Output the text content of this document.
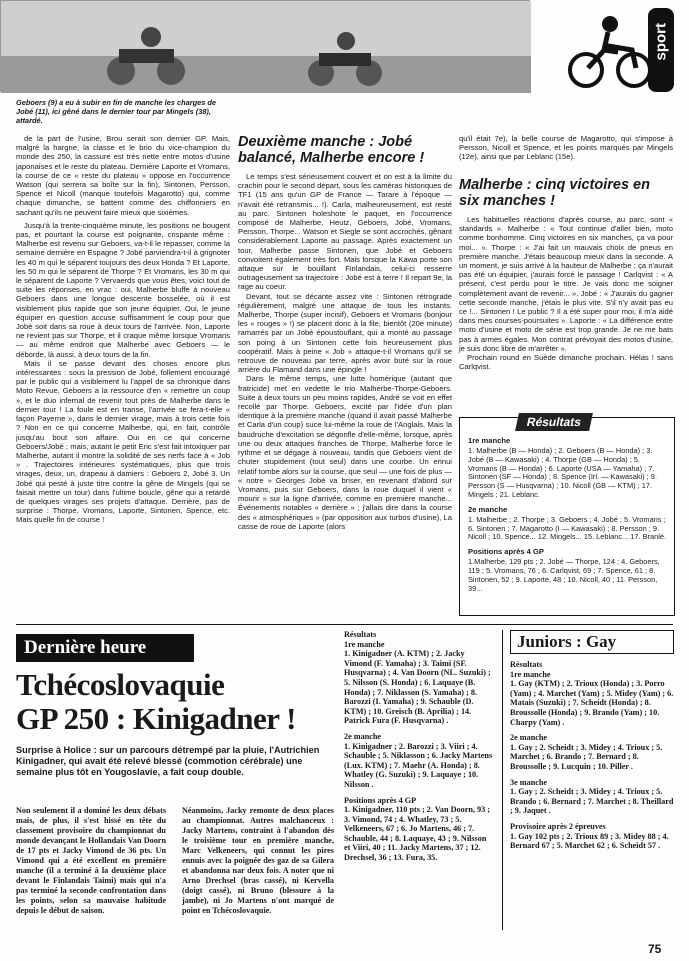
sport
Geboers (9) a eu à subir en fin de manche les charges de Jobé (11), ici gêné dans le dernier tour par Mingels (38), attardé.

de la part de l'usine, Brou serait son dernier GP. Mais, malgré la hargne, la classe et le brio du vice-champion du monde des 250, la cassure est très nette entre motos d'usine japonaises et le reste du plateau. Dernière Laporte et Vromans, la course de ce « reste du plateau » oppose en l'occurrence Watson (qui serrera sa boîte sur la fin), Sintonen, Persson, Spence et Nicoll (manque toutefois Magarotto) qui, comme chaque dimanche, se battent comme des chiffonniers en sachant qu'ils ne peuvent faire mieux que sixièmes.

Jusqu'à la trente-cinquième minute, les positions ne bougent pas, et pourtant la course est poignante, crispante même : Malherbe est revenu sur Geboers, va-t-il le repasser, comme la semaine dernière en Espagne ? Jobé parviendra-t-il à grignoter les 40 m qui le séparent toujours des deux Honda ? Et Laporte, les 50 m qui le séparent de Thorpe ? Et Vromans, les 30 m qui le séparent de Laporte ? Vervaerds que vous êtes, voici tout de suite les réponses, en vrac : oui, Malherbe bluffe à nouveau Geboers dans une longue descente bosselée, où il est visiblement plus rapide que son jeune équipier. Oui, le jeune équipier en question accuse suffisamment le coup pour que Jobé soit dans sa roue à deux tours de l'arrivée. Non, Laporte ne revient pas sur Thorpe, et il craque même lorsque Vromans — au même endroit que Malherbe avec Geboers — le déborde, là aussi, à deux tours de la fin.

Mais il se passe devant des choses encore plus intéressantes : sous la pression de Jobé, follement encouragé par le public qui a visiblement lu l'appel de sa chronique dans Moto Revue, Geboers a la ressource d'en « remettre un coup », et le duo infernal de revenir tout près de Malherbe dans le dernier tour ! La foule est en transe, l'arrivée se fera-t-elle « façon Payerne », dans le dernier virage, mais à trois cette fois ? Non en ce qui concerne Malherbe, qui, en fait, contrôle jusqu'au bout son affaire. Oui en ce qui concerne Geboers/Jobé ; mais, autant le petit Eric s'est fait intoxiquer par Malherbe, autant il montre la solidité de ses nerfs face à « Job » . Trajectoires intérieures systématiques, plus que trois virages, deux, un, drapeau à damiers : Geboers 2, Jobé 3. Un Jobé qui pesté à juste titre contre la gêne de Mingels (qui se faisait mettre un tour) dans l'ultime boucle, gêne qui a retardé de quelques virages ses projets d'attaque. Derrière, pas de surprise : Thorpe, Vromans, Laporte, Sintonen, Spence, etc. Mais quelle fin de course !

Deuxième manche : Jobé balancé, Malherbe encore !

Le temps s'est sérieusement couvert et on est à la limite du crachin pour le second départ, sous les caméras historiques de TF1 (15 ans qu'un GP de France — Tarare à l'époque — n'avait été retransmis... !). Carla, malheureusement, est resté au parc. Sintonen holeshote le paquet, en l'occurrence composé de Malherbe, Heutz, Geboers, Jobé, Vromans, Persson, Thorpe... Watson et Siegle se sont accrochés, gênant considérablement Laporte au passage. Après exactement un tour, Malherbe passe Sintonen, que Jobé et Geboers convoitent également très fort. Mais lorsque la Kawa porte son attaque sur le bouillant Finlandais, celui-ci resserre outrageusement sa trajectoire : Jobé est à terre ! Il repart 9e, la rage au coeur.

Devant, tout se décante assez vite : Sintonen rétrograde régulièrement, malgré une attaque de tous les instants. Malherbe, Thorpe (super incisif), Geboers et Vromans (bonjour les « rouges » !) se placent donc à la file, bientôt (20e minute) ramarrés par un Jobé époustouflant, qui a monté au passage son poing à un Sintonen cette fois heureusement plus coopératif. Mais à peine « Job » attaque-t-il Vromans qu'il se retrouve de nouveau par terre, après avoir buté sur la roue arrière du Flamand dans une épingle !

Dans le même temps, une lutte homérique (autant que fratricide) met en vedette le trio Malherbe-Thorpe-Geboers. Suite à deux tours un peu moins rapides, André se voit en effet recollé par Thorpe. Geboers, excité par l'idée d'un plan identique à la première manche (quand il avait passé Malherbe et Carla d'un coup) suce lui-même la roue de l'Anglais. Mais la baudruche d'excitation se dégonfle d'elle-même, lorsque, après une ou deux attaques franches de Thorpe, Malherbe force le rythme et se dégage à nouveau, tandis que Geboers vient de chuter stupidement (tout seul) dans une courbe. Un ennui relatif tombe alors sur la course, que seul — une fois de plus — « notre » Georges Jobé va briser, en revenant d'abord sur Vromans, puis sur Geboers, dans la roue duquel il vient « mourir » sur la ligne d'arrivée, comme en première manche... Événements notables « derrière » ; j'allais dire dans la course des « atmosphériques » (par opposition aux turbos d'usine), La casse de roue de Laporte (alors

qu'il était 7e), la belle course de Magarotto, qui s'impose à Persson, Nicoll et Spence, et les points marqués par Mingels (12e), ainsi que par Leblanc (15e).

Malherbe : cinq victoires en six manches !

Les habituelles réactions d'après course, au parc, sont « standards ». Malherbe : « Tout continue d'aller bien, moto comme bonhomme. Cinq victoires en six manches, ça va pour moi... ». Thorpe : « J'ai fait un mauvais choix de pneus en première manche. J'étais beaucoup mieux dans la seconde. A un moment, je suis arrivé à la hauteur de Malherbe ; ça n'aurait pas été un équipier, j'aurais forcé le passage ! Carlqvist : « A présent, c'est perdu pour le titre. Je vais donc me soigner complètement avant de revenir... ». Jobé : « J'aurais du gagner cette seconde manche, j'étais le plus vite. S'il n'y avait pas eu ce !... Sintonen ! Le public ? Il a été super pour moi, il m'a aidé dans mes courses-poursuites ». Laporte : « La différence entre moto d'usine et moto de série est trop grande. Je ne me bats pas à armes égales. Mon contrat prévoyait des motos d'usine, je suis donc libre de m'arrêter ».

Prochain round en Suède dimanche prochain. Hélas ! sans Carlqvist.

Résultats
1re manche

1. Malherbe (B — Honda) ; 2. Geboers (B — Honda) ; 3. Jobé (B — Kawasaki) ; 4. Thorpe (GB — Honda) ; 5. Vromans (B — Honda) ; 6. Laporte (USA — Yamaha) ; 7. Sintonen (SF — Honda) ; 8. Spence (Irl. — Kawasaki) ; 9. Persson (S — Husqvarna) ; 10. Nicoll (GB — KTM) ; 17. Mingels ; 21. Leblanc.

2e manche

1. Malherbe ; 2. Thorpe ; 3. Geboers ; 4. Jobé ; 5. Vromans ; 6. Sintonen ; 7. Magarotto (I — Kawasaki) ; 8. Persson ; 9. Nicoll ; 10. Spence... 12. Mingels... 15. Leblanc... 17. Branlé.

Positions après 4 GP

1.Malherbe, 129 pts ; 2. Jobé — Thorpe, 124 ; 4. Geboers, 119 ; 5. Vromans, 76 ; 6. Carlqvist, 69 ; 7. Spence, 61 ; 8. Sintonen, 52 ; 9. Laporte, 48 ; 10. Nicoll, 40 ; 11. Persson, 39...

Dernière heure
Tchécoslovaquie
GP 250 : Kinigadner !
Surprise à Holice : sur un parcours détrempé par la pluie, l'Autrichien Kinigadner, qui avait été relevé blessé (commotion cérébrale) une semaine plus tôt en Yougoslavie, a fait coup double.

Non seulement il a dominé les deux débats mais, de plus, il s'est hissé en tête du classement provisoire du championnat du monde devançant le Hollandais Van Doorn de 17 pts et Jacky Vimond de 36 pts. Un Vimond qui a été excellent en première manche (il a terminé à la deuxième place devant le Finlandais Taimi) mais qui n'a pas terminé la seconde confrontation dans les points, selon sa mauvaise habitude depuis le début de saison.

Néanmoins, Jacky remonte de deux places au championnat. Autres malchanceux : Jacky Martens, contraint à l'abandon dès le troisième tour en première manche, Marc Velkeneers, qui connut les pires ennuis avec la poignée des gaz de sa Gilera et abandonna nar deux fois. A noter que ni Arno Drechsel (bras cassé), ni Kervella (doigt cassé), ni Bruno (blessure à la jambe), ni Jo Martens n'ont marqué de point en Tchécoslovaquie.

Résultats
1re manche

1. Kinigadner (A. KTM) ; 2. Jacky Vimond (F. Yamaha) ; 3. Taimi (SF. Husqvarna) ; 4. Van Doorn (NL. Suzuki) ; 5. Nilsson (S. Honda) ; 6. Laquaye (B. Honda) ; 7. Niklasson (S. Yamaha) ; 8. Barozzi (I. Yamaha) ; 9. Schauble (D. KTM) ; 10. Greisch (B. Aprilia) ; 14. Patrick Fura (F. Husqvarna) .

2e manche

1. Kinigadner ; 2. Barozzi ; 3. Viiri ; 4. Schauble ; 5. Niklasson ; 6. Jacky Martens (Lux. KTM) ; 7. Maehr (A. Honda) ; 8. Whatley (G. Suzuki) ; 9. Laquaye ; 10. Nilsson .

Positions après 4 GP

1. Kinigadner, 110 pts ; 2. Van Doorn, 93 ; 3. Vimond, 74 ; 4. Whatley, 73 ; 5. Velkeneers, 67 ; 6. Jo Martens, 46 ; 7. Schauble, 44 ; 8. Laquaye, 43 ; 9. Nilsson et Viiri, 40 ; 11. Jacky Martens, 37 ; 12. Drechsel, 36 ; 13. Fura, 35.

Juniors : Gay
Résultats
1re manche

1. Gay (KTM) ; 2. Trioux (Honda) ; 3. Porro (Yam) ; 4. Marchet (Yam) ; 5. Midey (Yam) ; 6. Matais (Suzuki) ; 7. Scheidt (Honda) ; 8. Broussolle (Honda) ; 9. Brando (Yam) ; 10. Charpy (Yam) .

2e manche

1. Gay ; 2. Scheidt ; 3. Midey ; 4. Trioux ; 5. Marchet ; 6. Brando ; 7. Bernard ; 8. Broussolle ; 9. Lucquin ; 10. Piller .

3e manche

1. Gay ; 2. Scheidt ; 3. Midey ; 4. Trioux ; 5. Brando ; 6. Bernard ; 7. Marchet ; 8. Theillard ; 9. Jaquet .

Provisoire après 2 épreuves

1. Gay 102 pts ; 2. Trioux 89 ; 3. Midey 88 ; 4. Bernard 67 ; 5. Marchet 62 ; 6. Scheidt 57 .

75
